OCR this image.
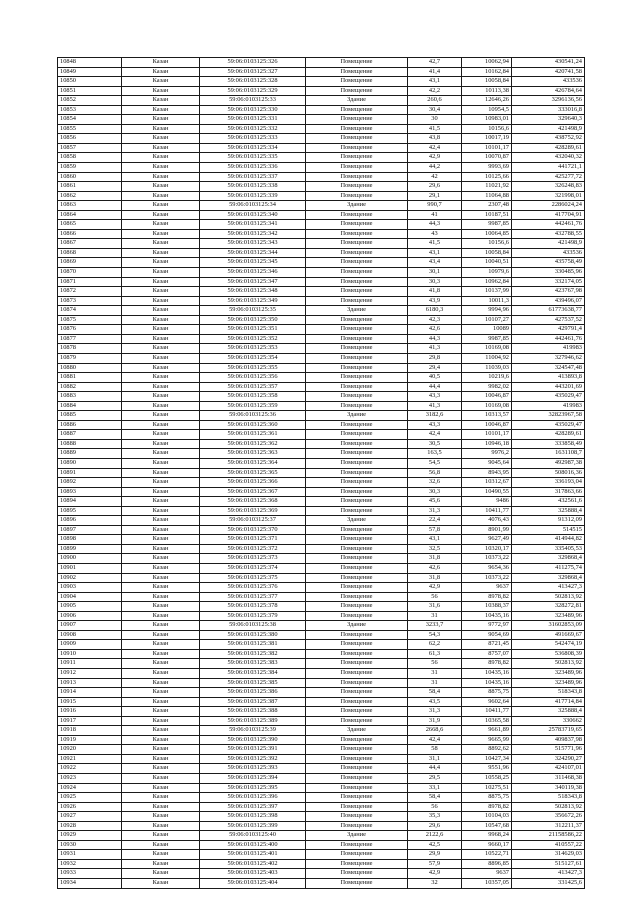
10848	Казан	59:06:0103125:326	Помещение	42,7	10062,94	430541,24
10849	Казан	59:06:0103125:327	Помещение	41,4	10162,84	420741,58
10850	Казан	59:06:0103125:328	Помещение	43,1	10058,84	433536
10851	Казан	59:06:0103125:329	Помещение	42,2	10113,38	426784,64
10852	Казан	59:06:0103125:33	Здание	260,6	12646,26	3296136,56
10853	Казан	59:06:0103125:330	Помещение	30,4	10954,5	333016,8
10854	Казан	59:06:0103125:331	Помещение	30	10983,01	329640,3
10855	Казан	59:06:0103125:332	Помещение	41,5	10156,6	421498,9
10856	Казан	59:06:0103125:333	Помещение	43,8	10017,19	438752,92
10857	Казан	59:06:0103125:334	Помещение	42,4	10101,17	428289,61
10858	Казан	59:06:0103125:335	Помещение	42,9	10070,87	432040,32
10859	Казан	59:06:0103125:336	Помещение	44,2	9993,69	441721,1
10860	Казан	59:06:0103125:337	Помещение	42	10125,66	425277,72
10861	Казан	59:06:0103125:338	Помещение	29,6	11021,92	326248,83
10862	Казан	59:06:0103125:339	Помещение	29,1	11064,88	321998,01
10863	Казан	59:06:0103125:34	Здание	990,7	2307,48	2286024,24
10864	Казан	59:06:0103125:340	Помещение	41	10187,51	417704,91
10865	Казан	59:06:0103125:341	Помещение	44,3	9987,85	442461,76
10866	Казан	59:06:0103125:342	Помещение	43	10064,85	432788,55
10867	Казан	59:06:0103125:343	Помещение	41,5	10156,6	421498,9
10868	Казан	59:06:0103125:344	Помещение	43,1	10058,84	433536
10869	Казан	59:06:0103125:345	Помещение	43,4	10040,51	435758,49
10870	Казан	59:06:0103125:346	Помещение	30,1	10979,6	330485,96
10871	Казан	59:06:0103125:347	Помещение	30,3	10962,84	332174,05
10872	Казан	59:06:0103125:348	Помещение	41,8	10137,99	423767,98
10873	Казан	59:06:0103125:349	Помещение	43,9	10011,3	439496,07
10874	Казан	59:06:0103125:35	Здание	6180,3	9994,96	61773638,77
10875	Казан	59:06:0103125:350	Помещение	42,3	10107,27	427537,52
10876	Казан	59:06:0103125:351	Помещение	42,6	10089	429791,4
10877	Казан	59:06:0103125:352	Помещение	44,3	9987,85	442461,76
10878	Казан	59:06:0103125:353	Помещение	41,3	10169,08	419983
10879	Казан	59:06:0103125:354	Помещение	29,8	11004,92	327946,62
10880	Казан	59:06:0103125:355	Помещение	29,4	11039,03	324547,48
10881	Казан	59:06:0103125:356	Помещение	40,5	10219,6	413893,8
10882	Казан	59:06:0103125:357	Помещение	44,4	9982,02	443201,69
10883	Казан	59:06:0103125:358	Помещение	43,3	10046,87	435029,47
10884	Казан	59:06:0103125:359	Помещение	41,3	10169,08	419983
10885	Казан	59:06:0103125:36	Здание	3182,6	10313,57	32823967,58
10886	Казан	59:06:0103125:360	Помещение	43,3	10046,87	435029,47
10887	Казан	59:06:0103125:361	Помещение	42,4	10101,17	428289,61
10888	Казан	59:06:0103125:362	Помещение	30,5	10946,18	333858,49
10889	Казан	59:06:0103125:363	Помещение	163,5	9976,2	1631108,7
10890	Казан	59:06:0103125:364	Помещение	54,5	9045,64	492987,38
10891	Казан	59:06:0103125:365	Помещение	56,8	8943,95	508016,36
10892	Казан	59:06:0103125:366	Помещение	32,6	10312,67	336193,04
10893	Казан	59:06:0103125:367	Помещение	30,3	10490,55	317863,66
10894	Казан	59:06:0103125:368	Помещение	45,6	9486	432561,6
10895	Казан	59:06:0103125:369	Помещение	31,3	10411,77	325888,4
10896	Казан	59:06:0103125:37	Здание	22,4	4076,43	91312,09
10897	Казан	59:06:0103125:370	Помещение	57,8	8901,99	514515
10898	Казан	59:06:0103125:371	Помещение	43,1	9627,49	414944,82
10899	Казан	59:06:0103125:372	Помещение	32,5	10320,17	335405,53
10900	Казан	59:06:0103125:373	Помещение	31,8	10373,22	329868,4
10901	Казан	59:06:0103125:374	Помещение	42,6	9654,36	411275,74
10902	Казан	59:06:0103125:375	Помещение	31,8	10373,22	329868,4
10903	Казан	59:06:0103125:376	Помещение	42,9	9637	413427,3
10904	Казан	59:06:0103125:377	Помещение	56	8978,82	502813,92
10905	Казан	59:06:0103125:378	Помещение	31,6	10388,37	328272,81
10906	Казан	59:06:0103125:379	Помещение	31	10435,16	323489,96
10907	Казан	59:06:0103125:38	Здание	3233,7	9772,97	31602853,09
10908	Казан	59:06:0103125:380	Помещение	54,3	9054,69	491669,67
10909	Казан	59:06:0103125:381	Помещение	62,2	8721,45	542474,19
10910	Казан	59:06:0103125:382	Помещение	61,3	8757,07	536808,39
10911	Казан	59:06:0103125:383	Помещение	56	8978,82	502813,92
10912	Казан	59:06:0103125:384	Помещение	31	10435,16	323489,96
10913	Казан	59:06:0103125:385	Помещение	31	10435,16	323489,96
10914	Казан	59:06:0103125:386	Помещение	58,4	8875,75	518343,8
10915	Казан	59:06:0103125:387	Помещение	43,5	9602,64	417714,84
10916	Казан	59:06:0103125:388	Помещение	31,3	10411,77	325888,4
10917	Казан	59:06:0103125:389	Помещение	31,9	10365,58	330662
10918	Казан	59:06:0103125:39	Здание	2668,6	9661,89	25783719,65
10919	Казан	59:06:0103125:390	Помещение	42,4	9665,99	409837,98
10920	Казан	59:06:0103125:391	Помещение	58	8892,62	515771,96
10921	Казан	59:06:0103125:392	Помещение	31,1	10427,34	324290,27
10922	Казан	59:06:0103125:393	Помещение	44,4	9551,96	424107,01
10923	Казан	59:06:0103125:394	Помещение	29,5	10558,25	311468,38
10924	Казан	59:06:0103125:395	Помещение	33,1	10275,51	340119,38
10925	Казан	59:06:0103125:396	Помещение	58,4	8875,75	518343,8
10926	Казан	59:06:0103125:397	Помещение	56	8978,82	502813,92
10927	Казан	59:06:0103125:398	Помещение	35,3	10104,03	356672,26
10928	Казан	59:06:0103125:399	Помещение	29,6	10547,68	312211,37
10929	Казан	59:06:0103125:40	Здание	2122,6	9968,24	21158586,22
10930	Казан	59:06:0103125:400	Помещение	42,5	9660,17	410557,22
10931	Казан	59:06:0103125:401	Помещение	29,9	10522,71	314629,03
10932	Казан	59:06:0103125:402	Помещение	57,9	8896,85	515127,61
10933	Казан	59:06:0103125:403	Помещение	42,9	9637	413427,3
10934	Казан	59:06:0103125:404	Помещение	32	10357,05	331425,6
